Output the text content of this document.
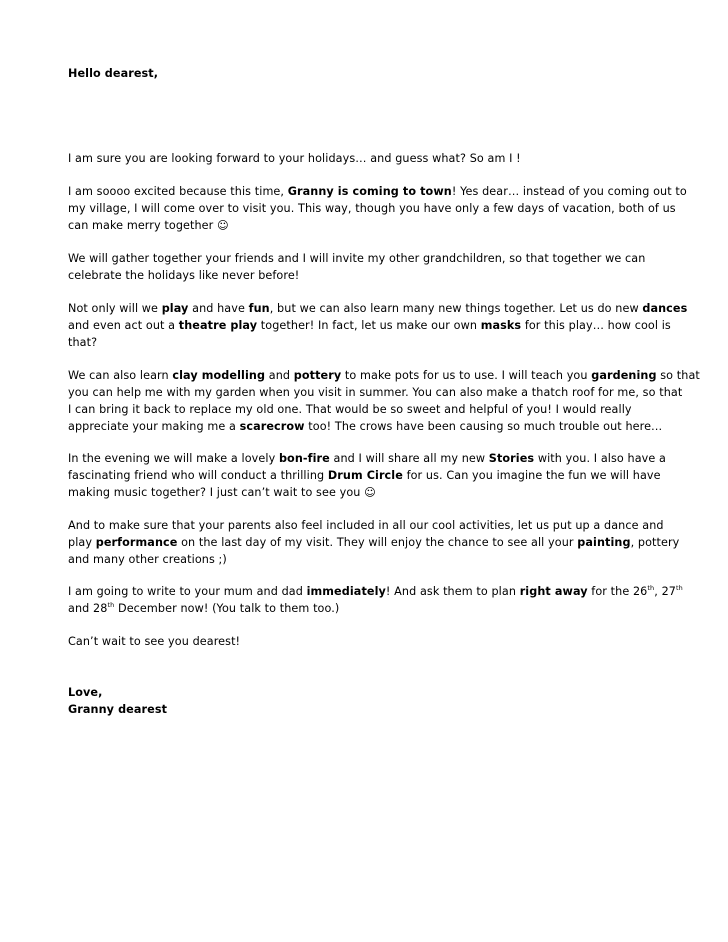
Hello dearest,
I am sure you are looking forward to your holidays… and guess what? So am I !
I am soooo excited because this time, Granny is coming to town! Yes dear… instead of you coming out to
my village, I will come over to visit you. This way, though you have only a few days of vacation, both of us
can make merry together ☺
We will gather together your friends and I will invite my other grandchildren, so that together we can
celebrate the holidays like never before!
Not only will we play and have fun, but we can also learn many new things together. Let us do new dances
and even act out a theatre play together! In fact, let us make our own masks for this play… how cool is
that?
We can also learn clay modelling and pottery to make pots for us to use. I will teach you gardening so that
you can help me with my garden when you visit in summer. You can also make a thatch roof for me, so that
I can bring it back to replace my old one. That would be so sweet and helpful of you! I would really
appreciate your making me a scarecrow too! The crows have been causing so much trouble out here…
In the evening we will make a lovely bon-fire and I will share all my new Stories with you. I also have a
fascinating friend who will conduct a thrilling Drum Circle for us. Can you imagine the fun we will have
making music together? I just can’t wait to see you ☺
And to make sure that your parents also feel included in all our cool activities, let us put up a dance and
play performance on the last day of my visit. They will enjoy the chance to see all your painting, pottery
and many other creations ;)
I am going to write to your mum and dad immediately! And ask them to plan right away for the 26th, 27th
and 28th December now! (You talk to them too.)
Can’t wait to see you dearest!
Love,
Granny dearest
